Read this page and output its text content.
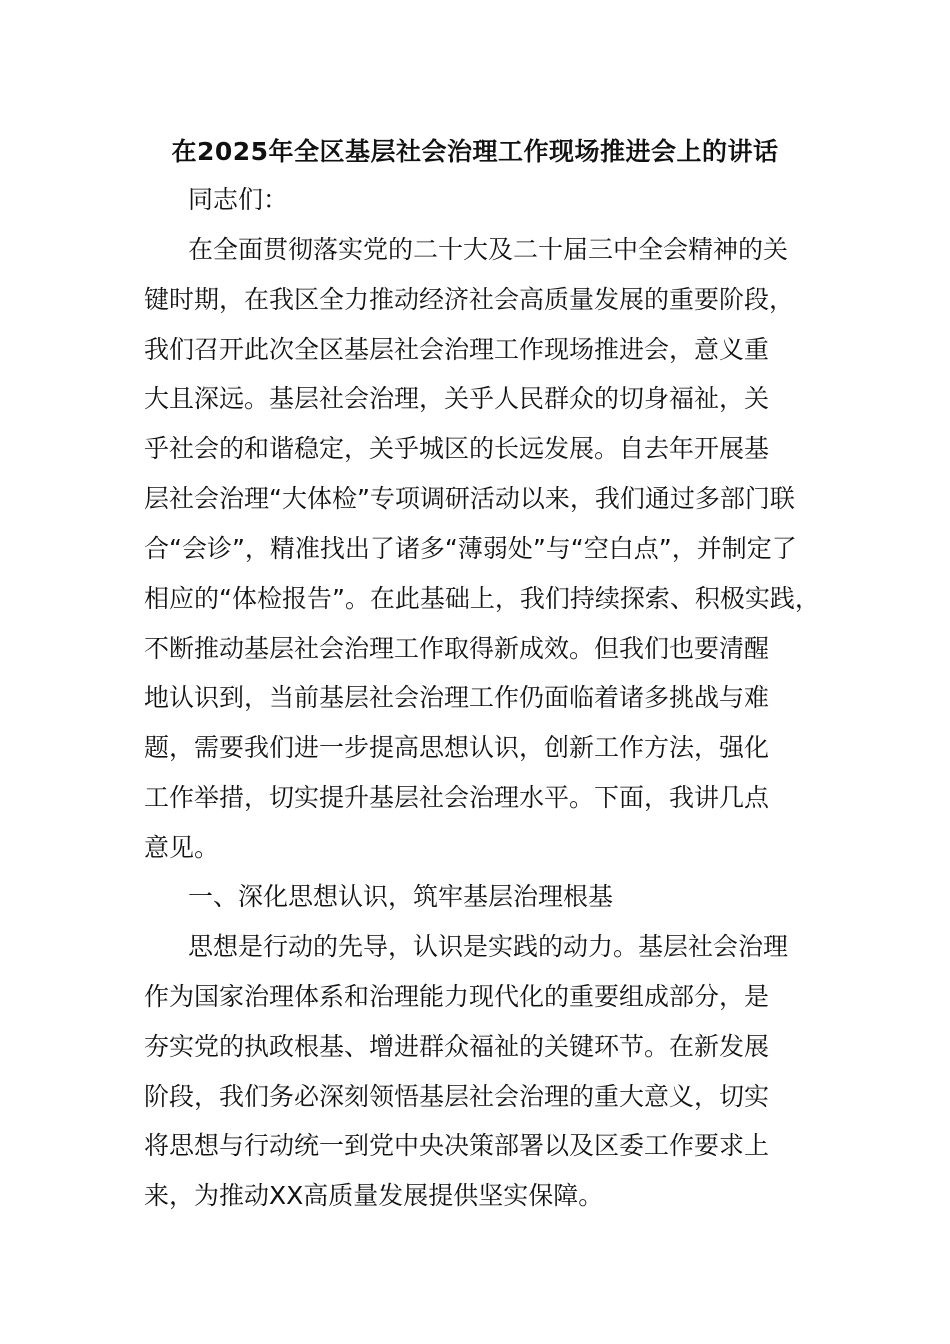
在2025年全区基层社会治理工作现场推进会上的讲话
同志们：
在全面贯彻落实党的二十大及二十届三中全会精神的关
键时期，在我区全力推动经济社会高质量发展的重要阶段，
我们召开此次全区基层社会治理工作现场推进会，意义重
大且深远。基层社会治理，关乎人民群众的切身福祉，关
乎社会的和谐稳定，关乎城区的长远发展。自去年开展基
层社会治理“大体检”专项调研活动以来，我们通过多部门联
合“会诊”，精准找出了诸多“薄弱处”与“空白点”，并制定了
相应的“体检报告”。在此基础上，我们持续探索、积极实践，
不断推动基层社会治理工作取得新成效。但我们也要清醒
地认识到，当前基层社会治理工作仍面临着诸多挑战与难
题，需要我们进一步提高思想认识，创新工作方法，强化
工作举措，切实提升基层社会治理水平。下面，我讲几点
意见。
一、深化思想认识，筑牢基层治理根基
思想是行动的先导，认识是实践的动力。基层社会治理
作为国家治理体系和治理能力现代化的重要组成部分，是
夯实党的执政根基、增进群众福祉的关键环节。在新发展
阶段，我们务必深刻领悟基层社会治理的重大意义，切实
将思想与行动统一到党中央决策部署以及区委工作要求上
来，为推动XX高质量发展提供坚实保障。
